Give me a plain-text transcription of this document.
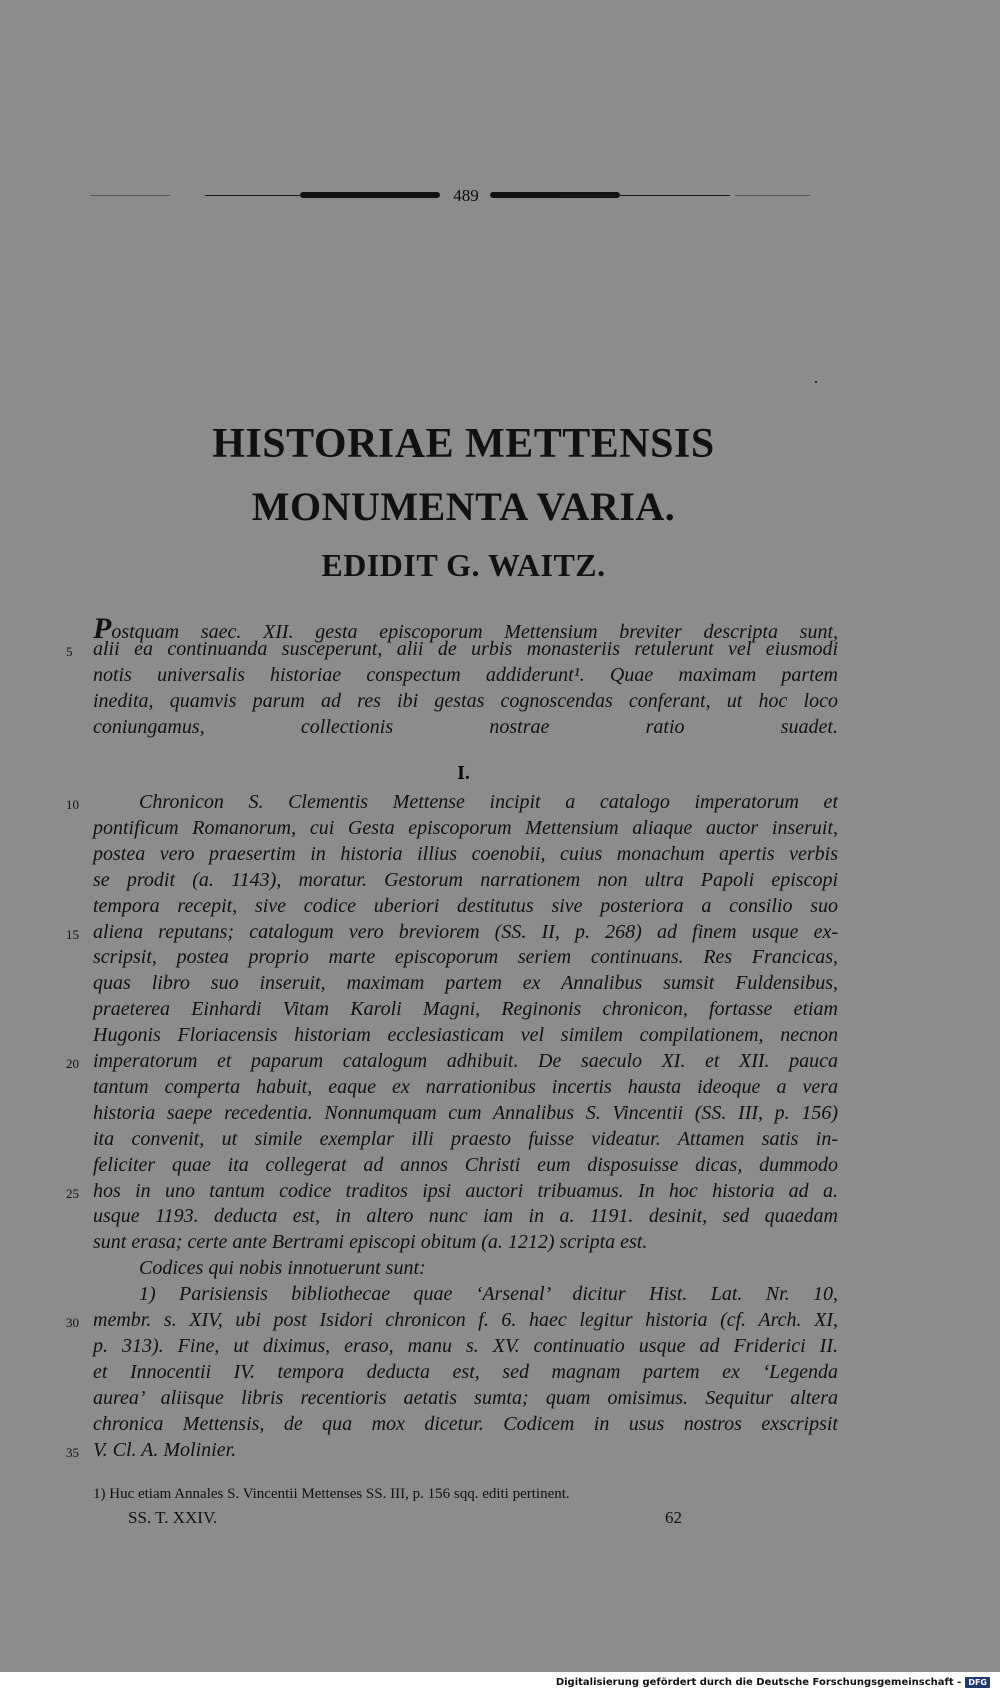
489
HISTORIAE METTENSIS
MONUMENTA VARIA.
EDIDIT G. WAITZ.
Postquam saec. XII. gesta episcoporum Mettensium breviter descripta sunt,
alii ea continuanda susceperunt, alii de urbis monasteriis retulerunt vel eiusmodi
5
notis universalis historiae conspectum addiderunt¹. Quae maximam partem
inedita, quamvis parum ad res ibi gestas cognoscendas conferant, ut hoc loco
coniungamus, collectionis nostrae ratio suadet.
I.
Chronicon S. Clementis Mettense incipit a catalogo imperatorum et
10
pontificum Romanorum, cui Gesta episcoporum Mettensium aliaque auctor inseruit,
postea vero praesertim in historia illius coenobii, cuius monachum apertis verbis
se prodit (a. 1143), moratur. Gestorum narrationem non ultra Papoli episcopi
tempora recepit, sive codice uberiori destitutus sive posteriora a consilio suo
aliena reputans; catalogum vero breviorem (SS. II, p. 268) ad finem usque ex-
15
scripsit, postea proprio marte episcoporum seriem continuans. Res Francicas,
quas libro suo inseruit, maximam partem ex Annalibus sumsit Fuldensibus,
praeterea Einhardi Vitam Karoli Magni, Reginonis chronicon, fortasse etiam
Hugonis Floriacensis historiam ecclesiasticam vel similem compilationem, necnon
imperatorum et paparum catalogum adhibuit. De saeculo XI. et XII. pauca
20
tantum comperta habuit, eaque ex narrationibus incertis hausta ideoque a vera
historia saepe recedentia. Nonnumquam cum Annalibus S. Vincentii (SS. III, p. 156)
ita convenit, ut simile exemplar illi praesto fuisse videatur. Attamen satis in-
feliciter quae ita collegerat ad annos Christi eum disposuisse dicas, dummodo
hos in uno tantum codice traditos ipsi auctori tribuamus. In hoc historia ad a.
25
usque 1193. deducta est, in altero nunc iam in a. 1191. desinit, sed quaedam
sunt erasa; certe ante Bertrami episcopi obitum (a. 1212) scripta est.
Codices qui nobis innotuerunt sunt:
1) Parisiensis bibliothecae quae ‘Arsenal’ dicitur Hist. Lat. Nr. 10,
membr. s. XIV, ubi post Isidori chronicon f. 6. haec legitur historia (cf. Arch. XI,
30
p. 313). Fine, ut diximus, eraso, manu s. XV. continuatio usque ad Friderici II.
et Innocentii IV. tempora deducta est, sed magnam partem ex ‘Legenda
aurea’ aliisque libris recentioris aetatis sumta; quam omisimus. Sequitur altera
chronica Mettensis, de qua mox dicetur. Codicem in usus nostros exscripsit
V. Cl. A. Molinier.
35
1) Huc etiam Annales S. Vincentii Mettenses SS. III, p. 156 sqq. editi pertinent.
SS. T. XXIV.	62
Digitalisierung gefördert durch die Deutsche Forschungsgemeinschaft - DFG
